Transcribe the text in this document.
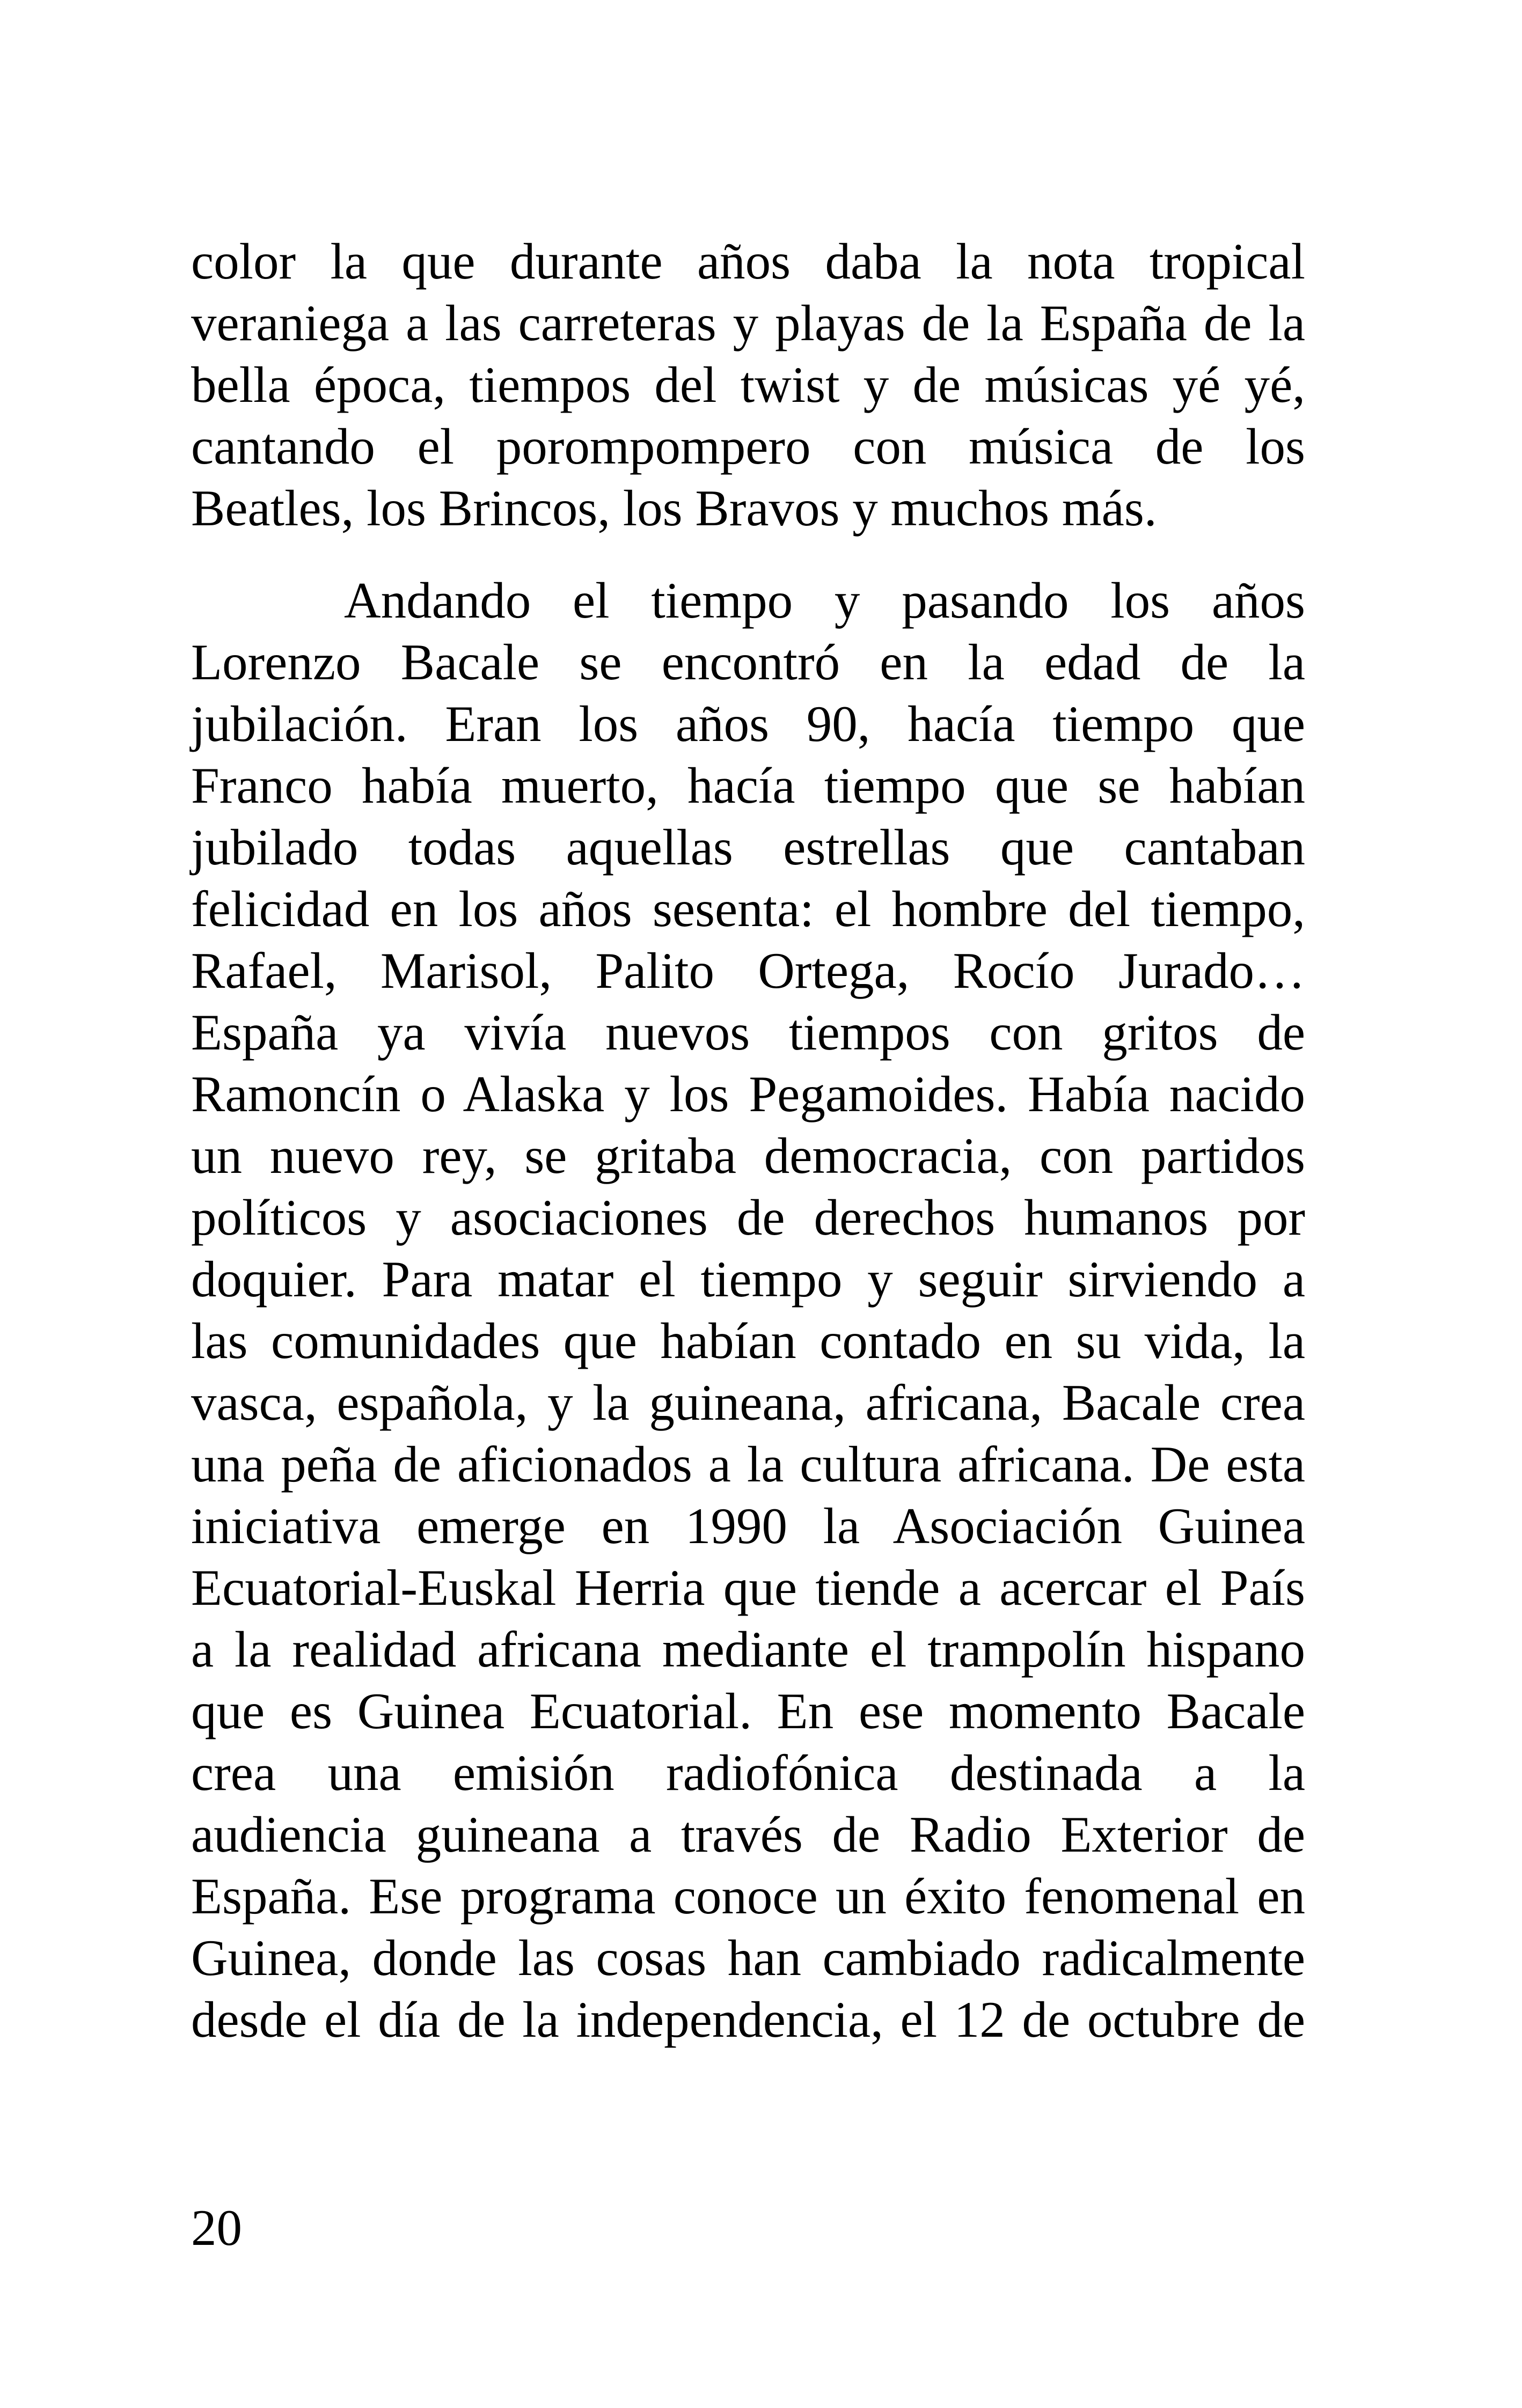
color la que durante años daba la nota tropical
veraniega a las carreteras y playas de la España de la
bella época, tiempos del twist y de músicas yé yé,
cantando el porompompero con música de los
Beatles, los Brincos, los Bravos y muchos más.
Andando el tiempo y pasando los años
Lorenzo Bacale se encontró en la edad de la
jubilación. Eran los años 90, hacía tiempo que
Franco había muerto, hacía tiempo que se habían
jubilado todas aquellas estrellas que cantaban
felicidad en los años sesenta: el hombre del tiempo,
Rafael, Marisol, Palito Ortega, Rocío Jurado…
España ya vivía nuevos tiempos con gritos de
Ramoncín o Alaska y los Pegamoides. Había nacido
un nuevo rey, se gritaba democracia, con partidos
políticos y asociaciones de derechos humanos por
doquier. Para matar el tiempo y seguir sirviendo a
las comunidades que habían contado en su vida, la
vasca, española, y la guineana, africana, Bacale crea
una peña de aficionados a la cultura africana. De esta
iniciativa emerge en 1990 la Asociación Guinea
Ecuatorial-Euskal Herria que tiende a acercar el País
a la realidad africana mediante el trampolín hispano
que es Guinea Ecuatorial. En ese momento Bacale
crea una emisión radiofónica destinada a la
audiencia guineana a través de Radio Exterior de
España. Ese programa conoce un éxito fenomenal en
Guinea, donde las cosas han cambiado radicalmente
desde el día de la independencia, el 12 de octubre de
20
